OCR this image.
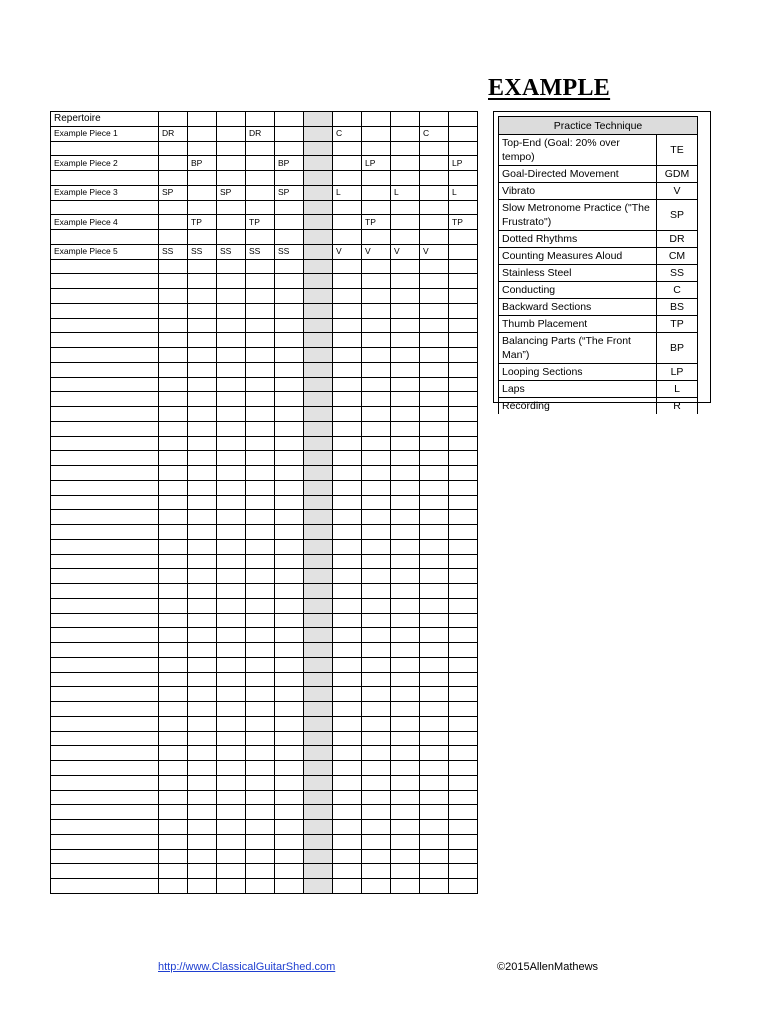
EXAMPLE
Repertoire											
Example Piece 1	DR			DR			C			C	

Example Piece 2		BP			BP			LP			LP

Example Piece 3	SP		SP		SP		L		L		L

Example Piece 4		TP		TP				TP			TP

Example Piece 5	SS	SS	SS	SS	SS		V	V	V	V	

Practice Technique	
Top-End (Goal: 20% over tempo)	TE
Goal-Directed Movement	GDM
Vibrato	V
Slow Metronome Practice ("The Frustrato")	SP
Dotted Rhythms	DR
Counting Measures Aloud	CM
Stainless Steel	SS
Conducting	C
Backward Sections	BS
Thumb Placement	TP
Balancing Parts (“The Front Man”)	BP
Looping Sections	LP
Laps	L
Recording	R
http://www.ClassicalGuitarShed.com	©2015AllenMathews
